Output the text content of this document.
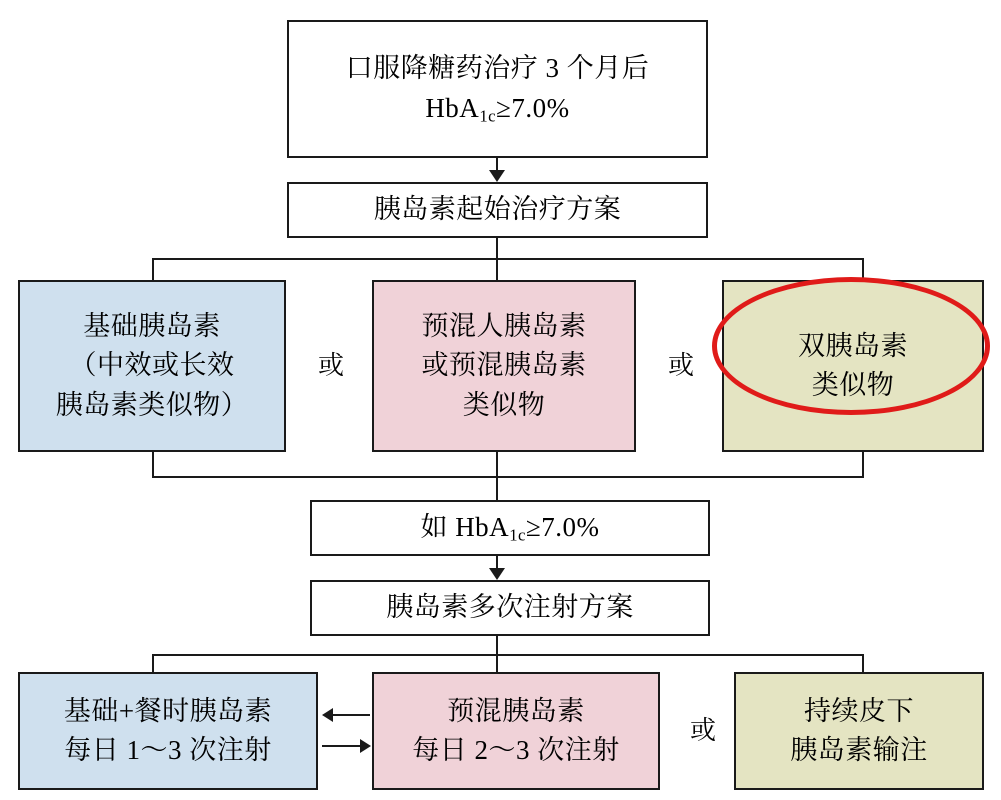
口服降糖药治疗 3 个月后
HbA$_{1c}$≥7.0%
胰岛素起始治疗方案
基础胰岛素
（中效或长效
胰岛素类似物）
或
预混人胰岛素
或预混胰岛素
类似物
或
双胰岛素
类似物
如 HbA$_{1c}$≥7.0%
胰岛素多次注射方案
基础+餐时胰岛素
每日 1～3 次注射
预混胰岛素
每日 2～3 次注射
或
持续皮下
胰岛素输注
